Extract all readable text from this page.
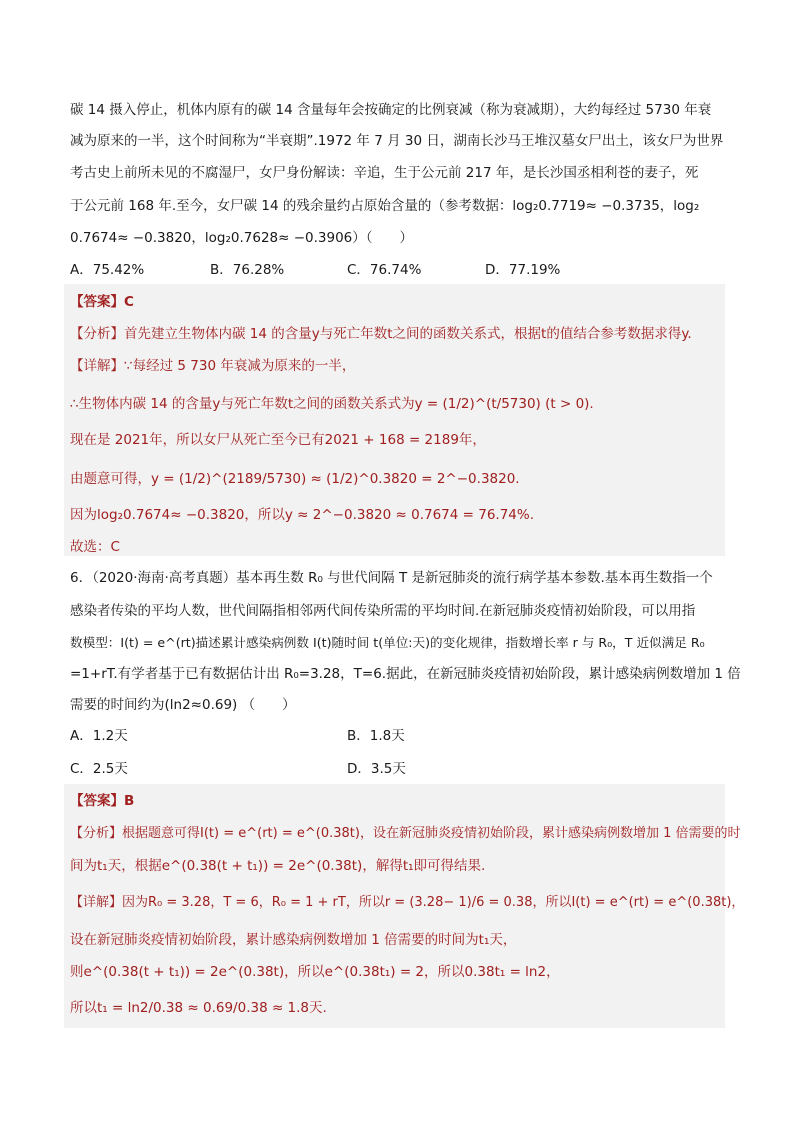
碳 14 摄入停止，机体内原有的碳 14 含量每年会按确定的比例衰减（称为衰减期），大约每经过 5730 年衰
减为原来的一半，这个时间称为“半衰期”.1972 年 7 月 30 日，湖南长沙马王堆汉墓女尸出土，该女尸为世界
考古史上前所未见的不腐湿尸，女尸身份解读：辛追，生于公元前 217 年，是长沙国丞相利苍的妻子，死
于公元前 168 年.至今，女尸碳 14 的残余量约占原始含量的（参考数据：log₂0.7719≈ −0.3735，log₂
0.7674≈ −0.3820，log₂0.7628≈ −0.3906）（　　）
A．75.42%	B．76.28%	C．76.74%	D．77.19%
【答案】C
【分析】首先建立生物体内碳 14 的含量y与死亡年数t之间的函数关系式，根据t的值结合参考数据求得y.
【详解】∵每经过 5 730 年衰减为原来的一半，
∴生物体内碳 14 的含量y与死亡年数t之间的函数关系式为y = (1/2)^(t/5730) (t > 0).
现在是 2021年，所以女尸从死亡至今已有2021 + 168 = 2189年，
由题意可得，y = (1/2)^(2189/5730) ≈ (1/2)^0.3820 = 2^−0.3820.
因为log₂0.7674≈ −0.3820，所以y ≈ 2^−0.3820 ≈ 0.7674 = 76.74%.
故选：C
6．（2020·海南·高考真题）基本再生数 R₀ 与世代间隔 T 是新冠肺炎的流行病学基本参数.基本再生数指一个
感染者传染的平均人数，世代间隔指相邻两代间传染所需的平均时间.在新冠肺炎疫情初始阶段，可以用指
数模型：I(t) = e^(rt)描述累计感染病例数 I(t)随时间 t(单位:天)的变化规律，指数增长率 r 与 R₀，T 近似满足 R₀
=1+rT.有学者基于已有数据估计出 R₀=3.28，T=6.据此，在新冠肺炎疫情初始阶段，累计感染病例数增加 1 倍
需要的时间约为(ln2≈0.69) （　　）
A．1.2天	B．1.8天
C．2.5天	D．3.5天
【答案】B
【分析】根据题意可得I(t) = e^(rt) = e^(0.38t)，设在新冠肺炎疫情初始阶段，累计感染病例数增加 1 倍需要的时
间为t₁天，根据e^(0.38(t + t₁)) = 2e^(0.38t)，解得t₁即可得结果.
【详解】因为R₀ = 3.28，T = 6，R₀ = 1 + rT，所以r = (3.28− 1)/6 = 0.38，所以I(t) = e^(rt) = e^(0.38t)，
设在新冠肺炎疫情初始阶段，累计感染病例数增加 1 倍需要的时间为t₁天，
则e^(0.38(t + t₁)) = 2e^(0.38t)，所以e^(0.38t₁) = 2，所以0.38t₁ = ln2，
所以t₁ = ln2/0.38 ≈ 0.69/0.38 ≈ 1.8天.
